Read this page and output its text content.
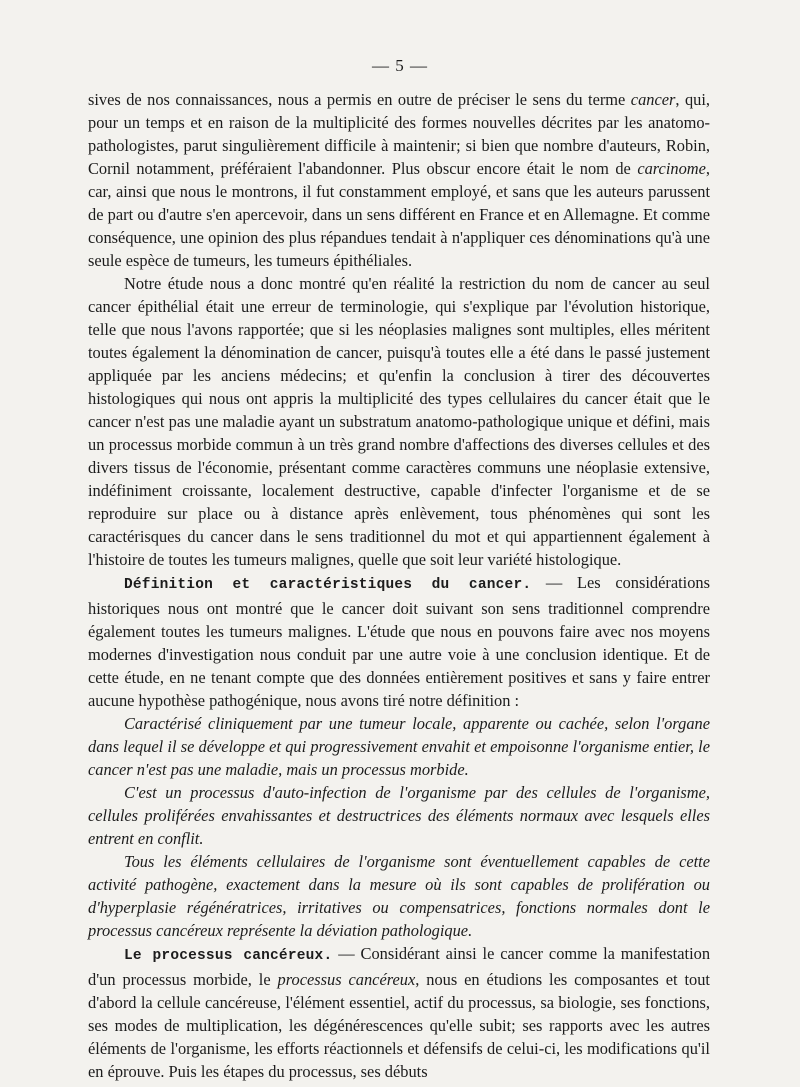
— 5 —

sives de nos connaissances, nous a permis en outre de préciser le sens du terme cancer, qui, pour un temps et en raison de la multiplicité des formes nouvelles décrites par les anatomo-pathologistes, parut singulièrement difficile à maintenir; si bien que nombre d'auteurs, Robin, Cornil notamment, préféraient l'abandonner. Plus obscur encore était le nom de carcinome, car, ainsi que nous le montrons, il fut constamment employé, et sans que les auteurs parussent de part ou d'autre s'en apercevoir, dans un sens différent en France et en Allemagne. Et comme conséquence, une opinion des plus répandues tendait à n'appliquer ces dénominations qu'à une seule espèce de tumeurs, les tumeurs épithéliales.

Notre étude nous a donc montré qu'en réalité la restriction du nom de cancer au seul cancer épithélial était une erreur de terminologie, qui s'explique par l'évolution historique, telle que nous l'avons rapportée; que si les néoplasies malignes sont multiples, elles méritent toutes également la dénomination de cancer, puisqu'à toutes elle a été dans le passé justement appliquée par les anciens médecins; et qu'enfin la conclusion à tirer des découvertes histologiques qui nous ont appris la multiplicité des types cellulaires du cancer était que le cancer n'est pas une maladie ayant un substratum anatomo-pathologique unique et défini, mais un processus morbide commun à un très grand nombre d'affections des diverses cellules et des divers tissus de l'économie, présentant comme caractères communs une néoplasie extensive, indéfiniment croissante, localement destructive, capable d'infecter l'organisme et de se reproduire sur place ou à distance après enlèvement, tous phénomènes qui sont les caractérisques du cancer dans le sens traditionnel du mot et qui appartiennent également à l'histoire de toutes les tumeurs malignes, quelle que soit leur variété histologique.

Définition et caractéristiques du cancer. — Les considérations historiques nous ont montré que le cancer doit suivant son sens traditionnel comprendre également toutes les tumeurs malignes. L'étude que nous en pouvons faire avec nos moyens modernes d'investigation nous conduit par une autre voie à une conclusion identique. Et de cette étude, en ne tenant compte que des données entièrement positives et sans y faire entrer aucune hypothèse pathogénique, nous avons tiré notre définition :

Caractérisé cliniquement par une tumeur locale, apparente ou cachée, selon l'organe dans lequel il se développe et qui progressivement envahit et empoisonne l'organisme entier, le cancer n'est pas une maladie, mais un processus morbide.

C'est un processus d'auto-infection de l'organisme par des cellules de l'organisme, cellules proliférées envahissantes et destructrices des éléments normaux avec lesquels elles entrent en conflit.

Tous les éléments cellulaires de l'organisme sont éventuellement capables de cette activité pathogène, exactement dans la mesure où ils sont capables de prolifération ou d'hyperplasie régénératrices, irritatives ou compensatrices, fonctions normales dont le processus cancéreux représente la déviation pathologique.

Le processus cancéreux. — Considérant ainsi le cancer comme la manifestation d'un processus morbide, le processus cancéreux, nous en étudions les composantes et tout d'abord la cellule cancéreuse, l'élément essentiel, actif du processus, sa biologie, ses fonctions, ses modes de multiplication, les dégénérescences qu'elle subit; ses rapports avec les autres éléments de l'organisme, les efforts réactionnels et défensifs de celui-ci, les modifications qu'il en éprouve. Puis les étapes du processus, ses débuts
